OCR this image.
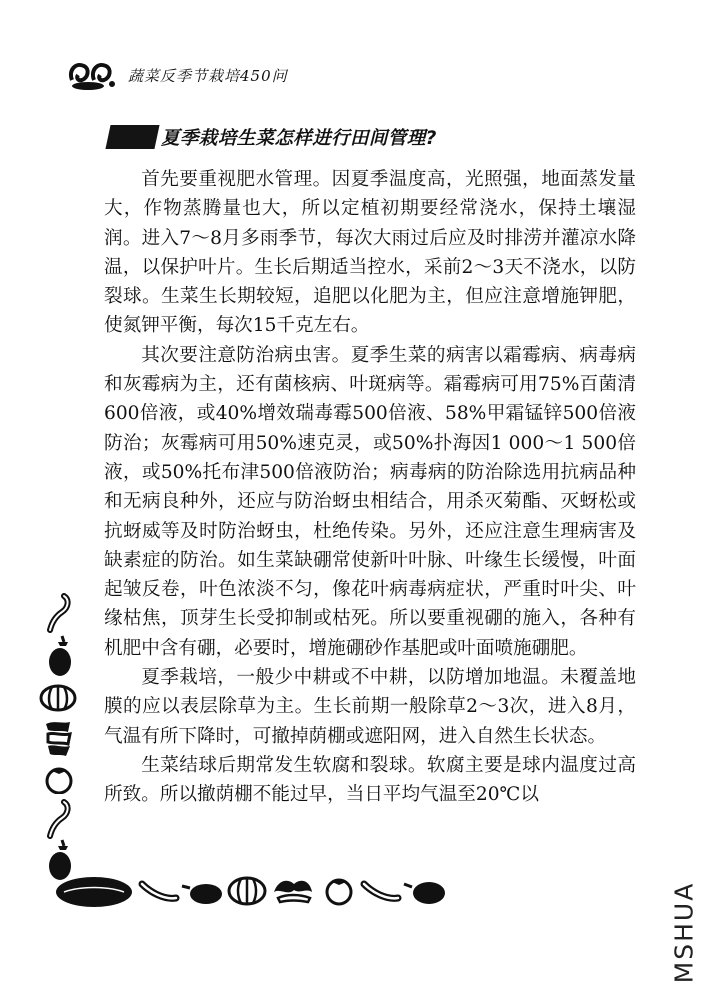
蔬菜反季节栽培450问
夏季栽培生菜怎样进行田间管理?

首先要重视肥水管理。因夏季温度高，光照强，地面蒸发量大，作物蒸腾量也大，所以定植初期要经常浇水，保持土壤湿润。进入7～8月多雨季节，每次大雨过后应及时排涝并灌凉水降温，以保护叶片。生长后期适当控水，采前2～3天不浇水，以防裂球。生菜生长期较短，追肥以化肥为主，但应注意增施钾肥，使氮钾平衡，每次15千克左右。

其次要注意防治病虫害。夏季生菜的病害以霜霉病、病毒病和灰霉病为主，还有菌核病、叶斑病等。霜霉病可用75%百菌清600倍液，或40%增效瑞毒霉500倍液、58%甲霜锰锌500倍液防治；灰霉病可用50%速克灵，或50%扑海因1 000～1 500倍液，或50%托布津500倍液防治；病毒病的防治除选用抗病品种和无病良种外，还应与防治蚜虫相结合，用杀灭菊酯、灭蚜松或抗蚜威等及时防治蚜虫，杜绝传染。另外，还应注意生理病害及缺素症的防治。如生菜缺硼常使新叶叶脉、叶缘生长缓慢，叶面起皱反卷，叶色浓淡不匀，像花叶病毒病症状，严重时叶尖、叶缘枯焦，顶芽生长受抑制或枯死。所以要重视硼的施入，各种有机肥中含有硼，必要时，增施硼砂作基肥或叶面喷施硼肥。

夏季栽培，一般少中耕或不中耕，以防增加地温。未覆盖地膜的应以表层除草为主。生长前期一般除草2～3次，进入8月，气温有所下降时，可撤掉荫棚或遮阳网，进入自然生长状态。

生菜结球后期常发生软腐和裂球。软腐主要是球内温度过高所致。所以撤荫棚不能过早，当日平均气温至20℃以

MSHUA
